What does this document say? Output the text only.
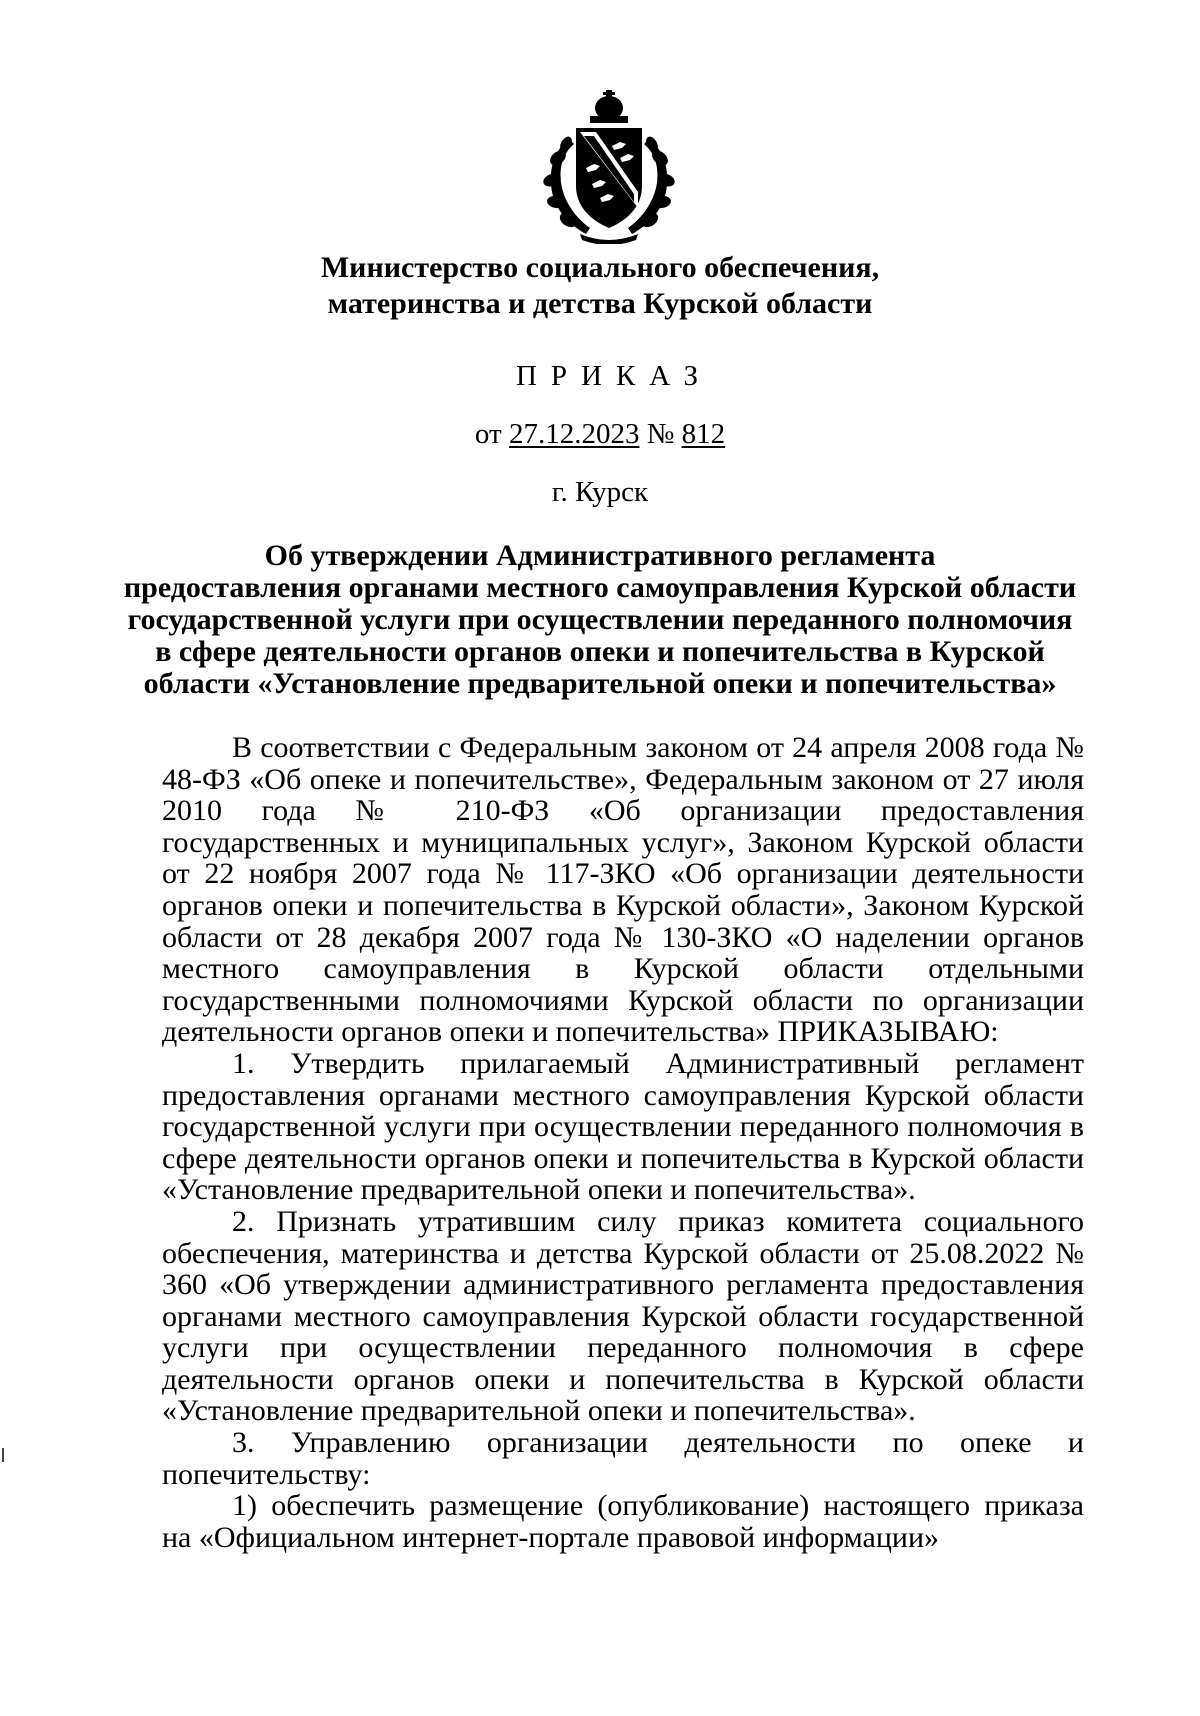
Министерство социального обеспечения,
материнства и детства Курской области
ПРИКАЗ
от 27.12.2023 № 812
г. Курск
Об утверждении Административного регламента
предоставления органами местного самоуправления Курской области
государственной услуги при осуществлении переданного полномочия
в сфере деятельности органов опеки и попечительства в Курской
области «Установление предварительной опеки и попечительства»

В соответствии с Федеральным законом от 24 апреля 2008 года № 48-ФЗ «Об опеке и попечительстве», Федеральным законом от 27 июля 2010 года № 210-ФЗ «Об организации предоставления государственных и муниципальных услуг», Законом Курской области от 22 ноября 2007 года № 117-ЗКО «Об организации деятельности органов опеки и попечительства в Курской области», Законом Курской области от 28 декабря 2007 года № 130-ЗКО «О наделении органов местного самоуправления в Курской области отдельными государственными полномочиями Курской области по организации деятельности органов опеки и попечительства» ПРИКАЗЫВАЮ:

1. Утвердить прилагаемый Административный регламент предоставления органами местного самоуправления Курской области государственной услуги при осуществлении переданного полномочия в сфере деятельности органов опеки и попечительства в Курской области «Установление предварительной опеки и попечительства».

2. Признать утратившим силу приказ комитета социального обеспечения, материнства и детства Курской области от 25.08.2022 № 360 «Об утверждении административного регламента предоставления органами местного самоуправления Курской области государственной услуги при осуществлении переданного полномочия в сфере деятельности органов опеки и попечительства в Курской области «Установление предварительной опеки и попечительства».

3. Управлению организации деятельности по опеке и попечительству:

1) обеспечить размещение (опубликование) настоящего приказа на «Официальном интернет-портале правовой информации»
